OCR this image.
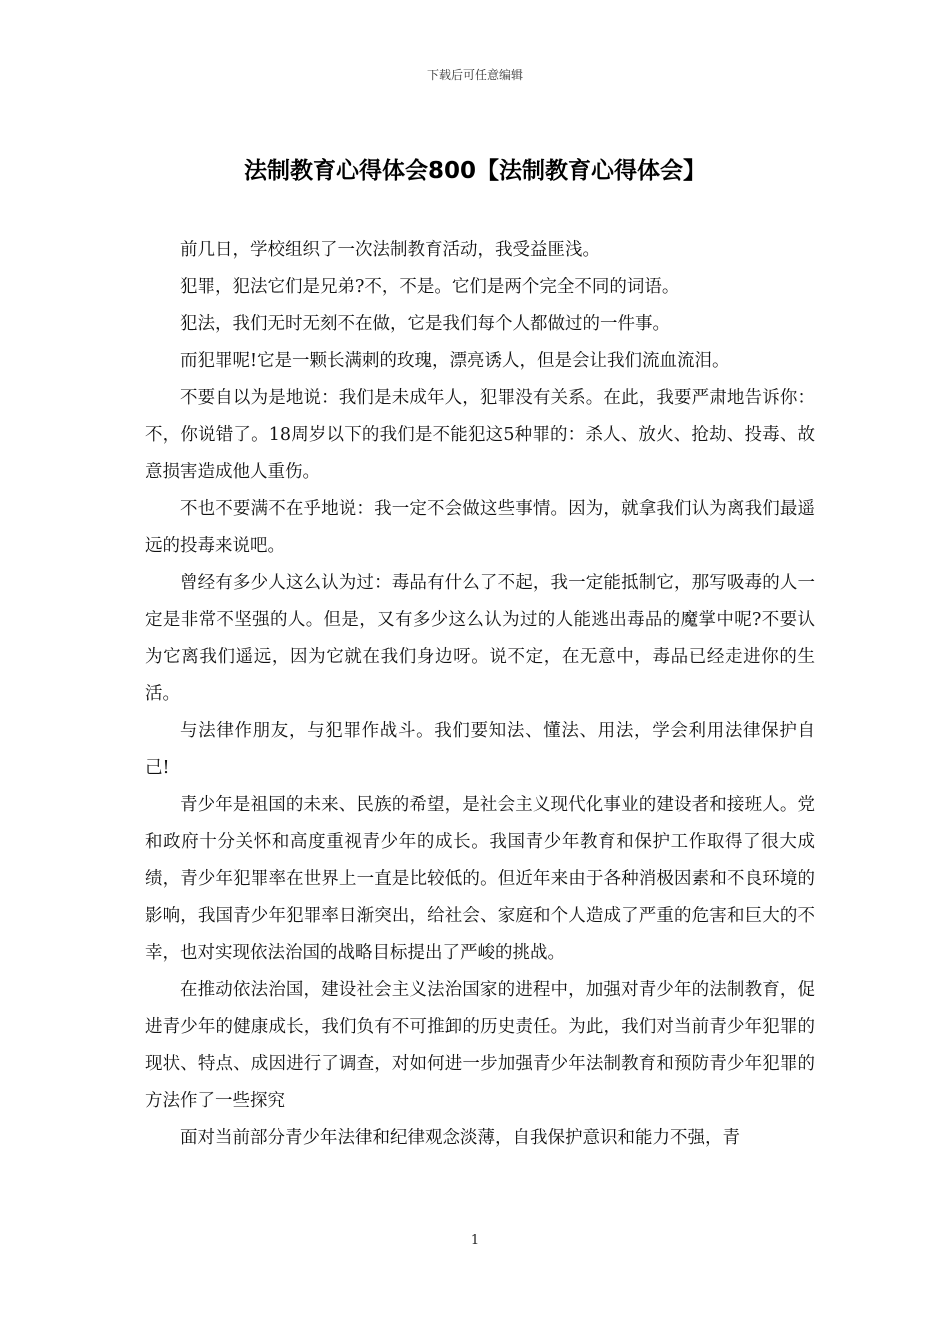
下载后可任意编辑
法制教育心得体会800【法制教育心得体会】

前几日，学校组织了一次法制教育活动，我受益匪浅。

犯罪，犯法它们是兄弟?不，不是。它们是两个完全不同的词语。

犯法，我们无时无刻不在做，它是我们每个人都做过的一件事。

而犯罪呢!它是一颗长满刺的玫瑰，漂亮诱人，但是会让我们流血流泪。

不要自以为是地说：我们是未成年人，犯罪没有关系。在此，我要严肃地告诉你：不，你说错了。18周岁以下的我们是不能犯这5种罪的：杀人、放火、抢劫、投毒、故意损害造成他人重伤。

不也不要满不在乎地说：我一定不会做这些事情。因为，就拿我们认为离我们最遥远的投毒来说吧。

曾经有多少人这么认为过：毒品有什么了不起，我一定能抵制它，那写吸毒的人一定是非常不坚强的人。但是，又有多少这么认为过的人能逃出毒品的魔掌中呢?不要认为它离我们遥远，因为它就在我们身边呀。说不定，在无意中，毒品已经走进你的生活。

与法律作朋友，与犯罪作战斗。我们要知法、懂法、用法，学会利用法律保护自己!

青少年是祖国的未来、民族的希望，是社会主义现代化事业的建设者和接班人。党和政府十分关怀和高度重视青少年的成长。我国青少年教育和保护工作取得了很大成绩，青少年犯罪率在世界上一直是比较低的。但近年来由于各种消极因素和不良环境的影响，我国青少年犯罪率日渐突出，给社会、家庭和个人造成了严重的危害和巨大的不幸，也对实现依法治国的战略目标提出了严峻的挑战。

在推动依法治国，建设社会主义法治国家的进程中，加强对青少年的法制教育，促进青少年的健康成长，我们负有不可推卸的历史责任。为此，我们对当前青少年犯罪的现状、特点、成因进行了调查，对如何进一步加强青少年法制教育和预防青少年犯罪的方法作了一些探究

面对当前部分青少年法律和纪律观念淡薄，自我保护意识和能力不强，青

1
